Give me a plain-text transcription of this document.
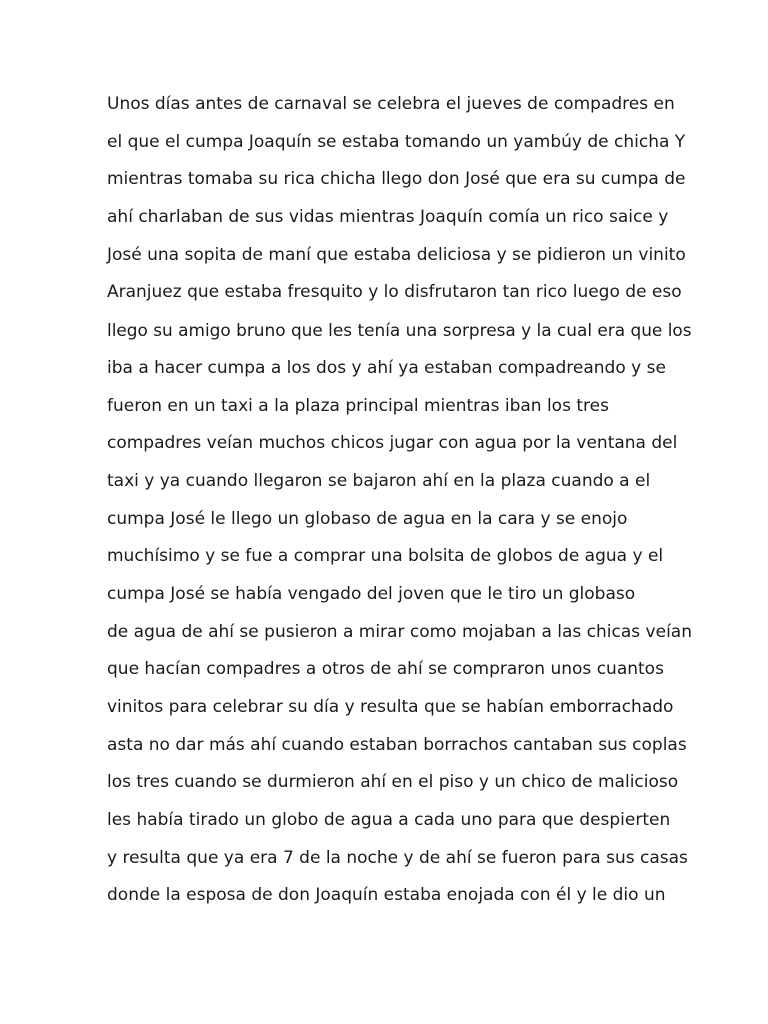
Unos días antes de carnaval se celebra el jueves de compadres en
el que el cumpa Joaquín se estaba tomando un yambúy de chicha Y
mientras tomaba su rica chicha llego don José que era su cumpa de
ahí charlaban de sus vidas mientras Joaquín comía un rico saice y
José una sopita de maní que estaba deliciosa y se pidieron un vinito
Aranjuez que estaba fresquito y lo disfrutaron tan rico luego de eso
llego su amigo bruno que les tenía una sorpresa y la cual era que los
iba a hacer cumpa a los dos y ahí ya estaban compadreando y se
fueron en un taxi a la plaza principal mientras iban los tres
compadres veían muchos chicos jugar con agua por la ventana del
taxi y ya cuando llegaron se bajaron ahí en la plaza cuando a el
cumpa José le llego un globaso de agua en la cara y se enojo
muchísimo y se fue a comprar una bolsita de globos de agua y el
cumpa José se había vengado del joven que le tiro un globaso
de agua de ahí se pusieron a mirar como mojaban a las chicas veían
que hacían compadres a otros de ahí se compraron unos cuantos
vinitos para celebrar su día y resulta que se habían emborrachado
asta no dar más ahí cuando estaban borrachos cantaban sus coplas
los tres cuando se durmieron ahí en el piso y un chico de malicioso
les había tirado un globo de agua a cada uno para que despierten
y resulta que ya era 7 de la noche y de ahí se fueron para sus casas
donde la esposa de don Joaquín estaba enojada con él y le dio un
